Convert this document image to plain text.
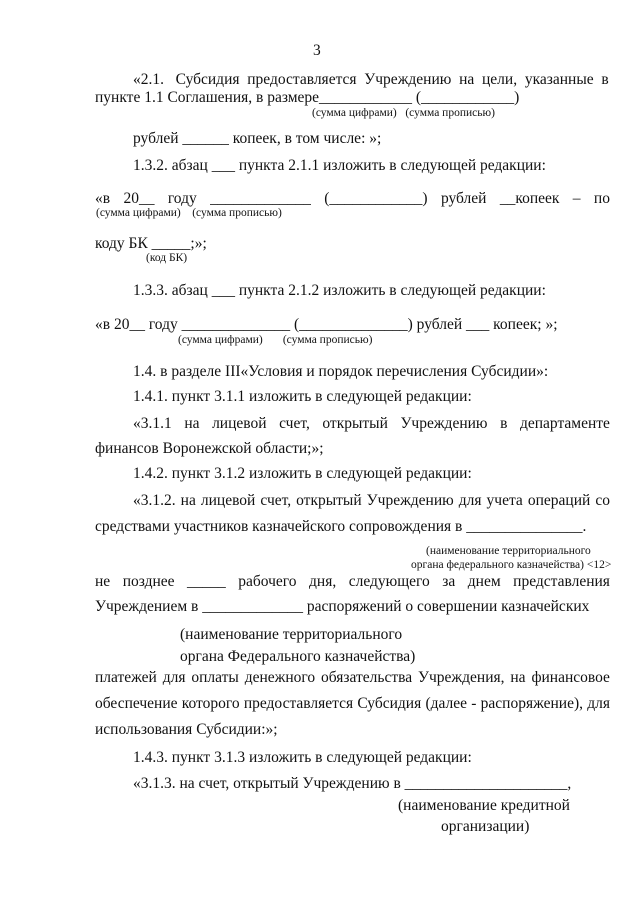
3
«2.1.   Субсидия  предоставляется  Учреждению  на  цели,  указанные  в
пункте 1.1 Соглашения, в размере____________ (____________)
(сумма цифрами)   (сумма прописью)
рублей ______ копеек, в том числе: »;
1.3.2. абзац ___ пункта 2.1.1 изложить в следующей редакции:
«в 20__ году _____________ (____________) рублей __копеек – по
(сумма цифрами)    (сумма прописью)
коду БК _____;»;
(код БК)
1.3.3. абзац ___ пункта 2.1.2 изложить в следующей редакции:
«в 20__ году ______________ (______________) рублей ___ копеек; »;
(сумма цифрами)       (сумма прописью)
1.4. в разделе III«Условия и порядок перечисления Субсидии»:
1.4.1. пункт 3.1.1 изложить в следующей редакции:
«3.1.1 на лицевой счет, открытый Учреждению в департаменте
финансов Воронежской области;»;
1.4.2. пункт 3.1.2 изложить в следующей редакции:
«3.1.2. на лицевой счет, открытый Учреждению для учета операций со
средствами участников казначейского сопровождения в _______________.
(наименование территориального
органа федерального казначейства) <12>
не позднее _____ рабочего дня, следующего за днем представления
Учреждением в _____________ распоряжений о совершении казначейских
(наименование территориального
органа Федерального казначейства)
платежей для оплаты денежного обязательства Учреждения, на финансовое
обеспечение которого предоставляется Субсидия (далее - распоряжение), для
использования Субсидии:»;
1.4.3. пункт 3.1.3 изложить в следующей редакции:
«3.1.3. на счет, открытый Учреждению в _____________________,
(наименование кредитной
организации)
